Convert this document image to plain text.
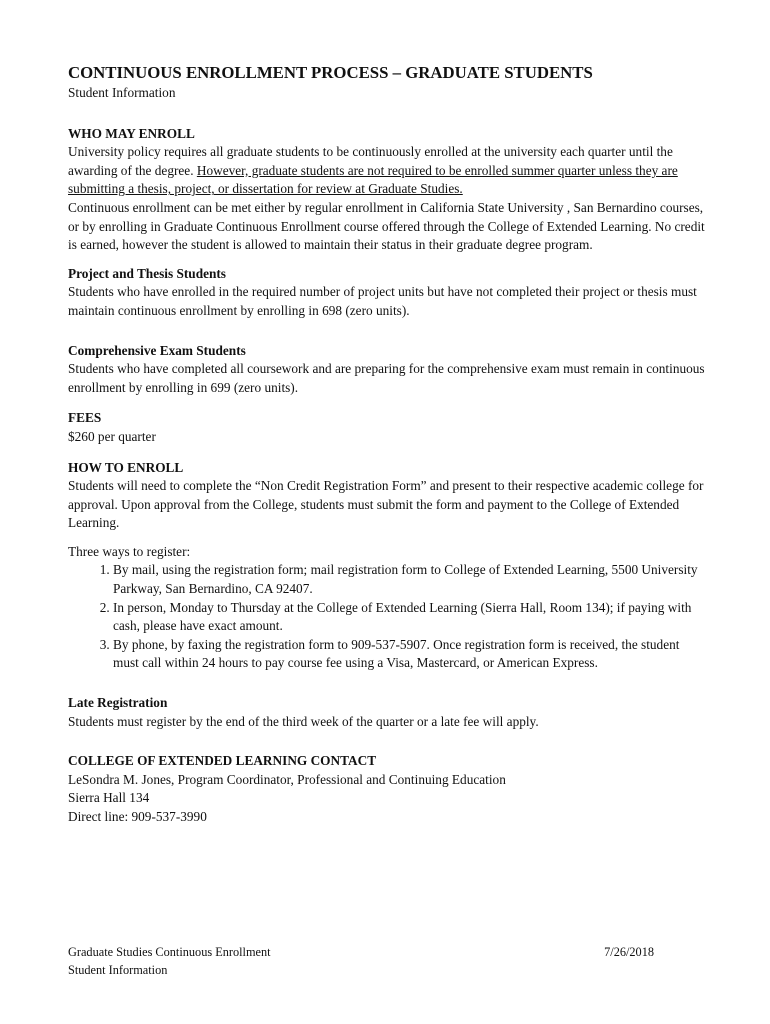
CONTINUOUS ENROLLMENT PROCESS – GRADUATE STUDENTS

Student Information

WHO MAY ENROLL

University policy requires all graduate students to be continuously enrolled at the university each quarter until the awarding of the degree. However, graduate students are not required to be enrolled summer quarter unless they are submitting a thesis, project, or dissertation for review at Graduate Studies.
Continuous enrollment can be met either by regular enrollment in California State University , San Bernardino courses, or by enrolling in Graduate Continuous Enrollment course offered through the College of Extended Learning. No credit is earned, however the student is allowed to maintain their status in their graduate degree program.

Project and Thesis Students

Students who have enrolled in the required number of project units but have not completed their project or thesis must maintain continuous enrollment by enrolling in 698 (zero units).

Comprehensive Exam Students

Students who have completed all coursework and are preparing for the comprehensive exam must remain in continuous enrollment by enrolling in 699 (zero units).

FEES

$260 per quarter

HOW TO ENROLL

Students will need to complete the “Non Credit Registration Form” and present to their respective academic college for approval. Upon approval from the College, students must submit the form and payment to the College of Extended Learning.

Three ways to register:

1. By mail, using the registration form; mail registration form to College of Extended Learning, 5500 University Parkway, San Bernardino, CA 92407.
2. In person, Monday to Thursday at the College of Extended Learning (Sierra Hall, Room 134); if paying with cash, please have exact amount.
3. By phone, by faxing the registration form to 909-537-5907. Once registration form is received, the student must call within 24 hours to pay course fee using a Visa, Mastercard, or American Express.

Late Registration

Students must register by the end of the third week of the quarter or a late fee will apply.

COLLEGE OF EXTENDED LEARNING CONTACT

LeSondra M. Jones, Program Coordinator, Professional and Continuing Education

Sierra Hall 134

Direct line: 909-537-3990

Graduate Studies Continuous Enrollment
Student Information
7/26/2018
